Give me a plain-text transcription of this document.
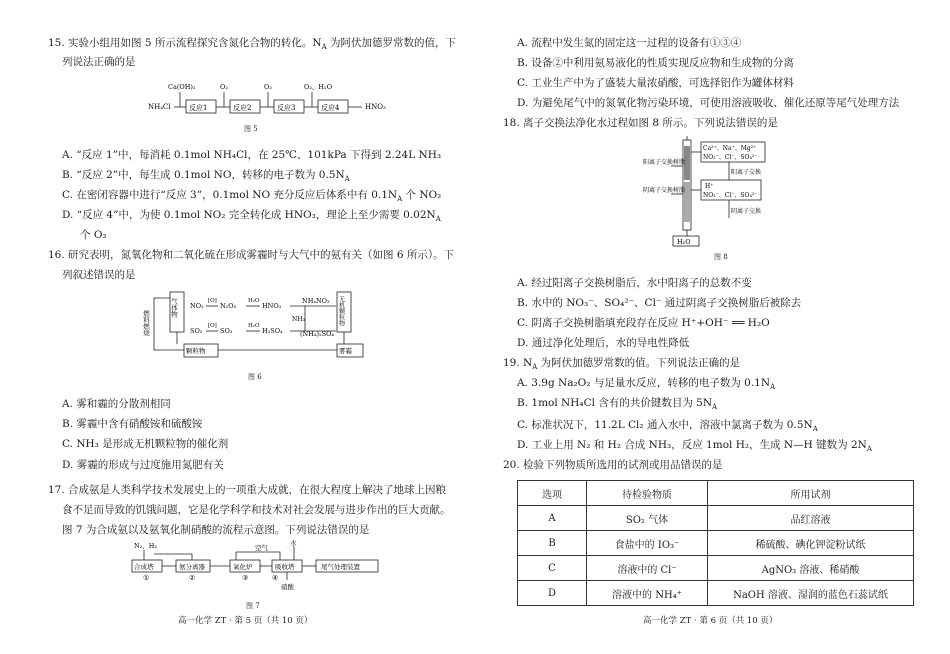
15. 实验小组用如图 5 所示流程探究含氮化合物的转化。$N_A$ 为阿伏加德罗常数的值，下
列说法正确的是
NH₄Cl	反应1	反应2	反应3	反应4	HNO₃
Ca(OH)₂	O₂	O₂	O₂、H₂O
图 5
A. “反应 1”中，每消耗 0.1mol NH₄Cl，在 25℃、101kPa 下得到 2.24L NH₃
B. “反应 2”中，每生成 0.1mol NO，转移的电子数为 $0.5N_A$
C. 在密闭容器中进行“反应 3”，0.1mol NO 充分反应后体系中有 $0.1N_A$ 个 NO₂
D. “反应 4”中，为使 0.1mol NO₂ 完全转化成 HNO₃，理论上至少需要 $0.02N_A$
个 O₂
16. 研究表明，氮氧化物和二氧化硫在形成雾霾时与大气中的氨有关（如图 6 所示）。下
列叙述错误的是
燃料燃烧
气体物	无机颗粒物
颗粒物	雾霾
NO₂
[O]
N₂O₅
H₂O
HNO₃
NH₄NO₃
SO₂
[O]
SO₃
H₂O
H₂SO₄	(NH₄)₂SO₄
NH₃
图 6
A. 雾和霾的分散剂相同
B. 雾霾中含有硝酸铵和硫酸铵
C. NH₃ 是形成无机颗粒物的催化剂
D. 雾霾的形成与过度施用氮肥有关
17. 合成氨是人类科学技术发展史上的一项重大成就，在很大程度上解决了地球上因粮
食不足而导致的饥饿问题，它是化学科学和技术对社会发展与进步作出的巨大贡献。
图 7 为合成氨以及氨氧化制硝酸的流程示意图。下列说法错误的是
N₂、H₂	空气
水
合成塔	氨分离器	氧化炉	吸收塔	尾气处理装置
①	②	③	④
硝酸
图 7
高一化学 ZT · 第 5 页（共 10 页）
A. 流程中发生氮的固定这一过程的设备有①③④
B. 设备②中利用氨易液化的性质实现反应物和生成物的分离
C. 工业生产中为了盛装大量浓硝酸，可选择铝作为罐体材料
D. 为避免尾气中的氮氧化物污染环境，可使用溶液吸收、催化还原等尾气处理方法
18. 离子交换法净化水过程如图 8 所示。下列说法错误的是
阳离子交换树脂
阴离子交换树脂
Ca²⁺、Na⁺、Mg²⁺
NO₃⁻、Cl⁻、SO₄²⁻
阳离子交换
H⁺
NO₃⁻、Cl⁻、SO₄²⁻
阴离子交换
H₂O
图 8
A. 经过阳离子交换树脂后，水中阳离子的总数不变
B. 水中的 NO₃⁻、SO₄²⁻、Cl⁻ 通过阴离子交换树脂后被除去
C. 阴离子交换树脂填充段存在反应 H⁺+OH⁻ ══ H₂O
D. 通过净化处理后，水的导电性降低
19. $N_A$ 为阿伏加德罗常数的值。下列说法正确的是
A. 3.9g Na₂O₂ 与足量水反应，转移的电子数为 $0.1N_A$
B. 1mol NH₄Cl 含有的共价键数目为 $5N_A$
C. 标准状况下，11.2L Cl₂ 通入水中，溶液中氯离子数为 $0.5N_A$
D. 工业上用 N₂ 和 H₂ 合成 NH₃，反应 1mol H₂，生成 N—H 键数为 $2N_A$
20. 检验下列物质所选用的试剂或用品错误的是
选项	待检验物质	所用试剂
A	SO₂ 气体	品红溶液
B	食盐中的 IO₃⁻	稀硫酸、碘化钾淀粉试纸
C	溶液中的 Cl⁻	AgNO₃ 溶液、稀硝酸
D	溶液中的 NH₄⁺	NaOH 溶液、湿润的蓝色石蕊试纸
高一化学 ZT · 第 6 页（共 10 页）
